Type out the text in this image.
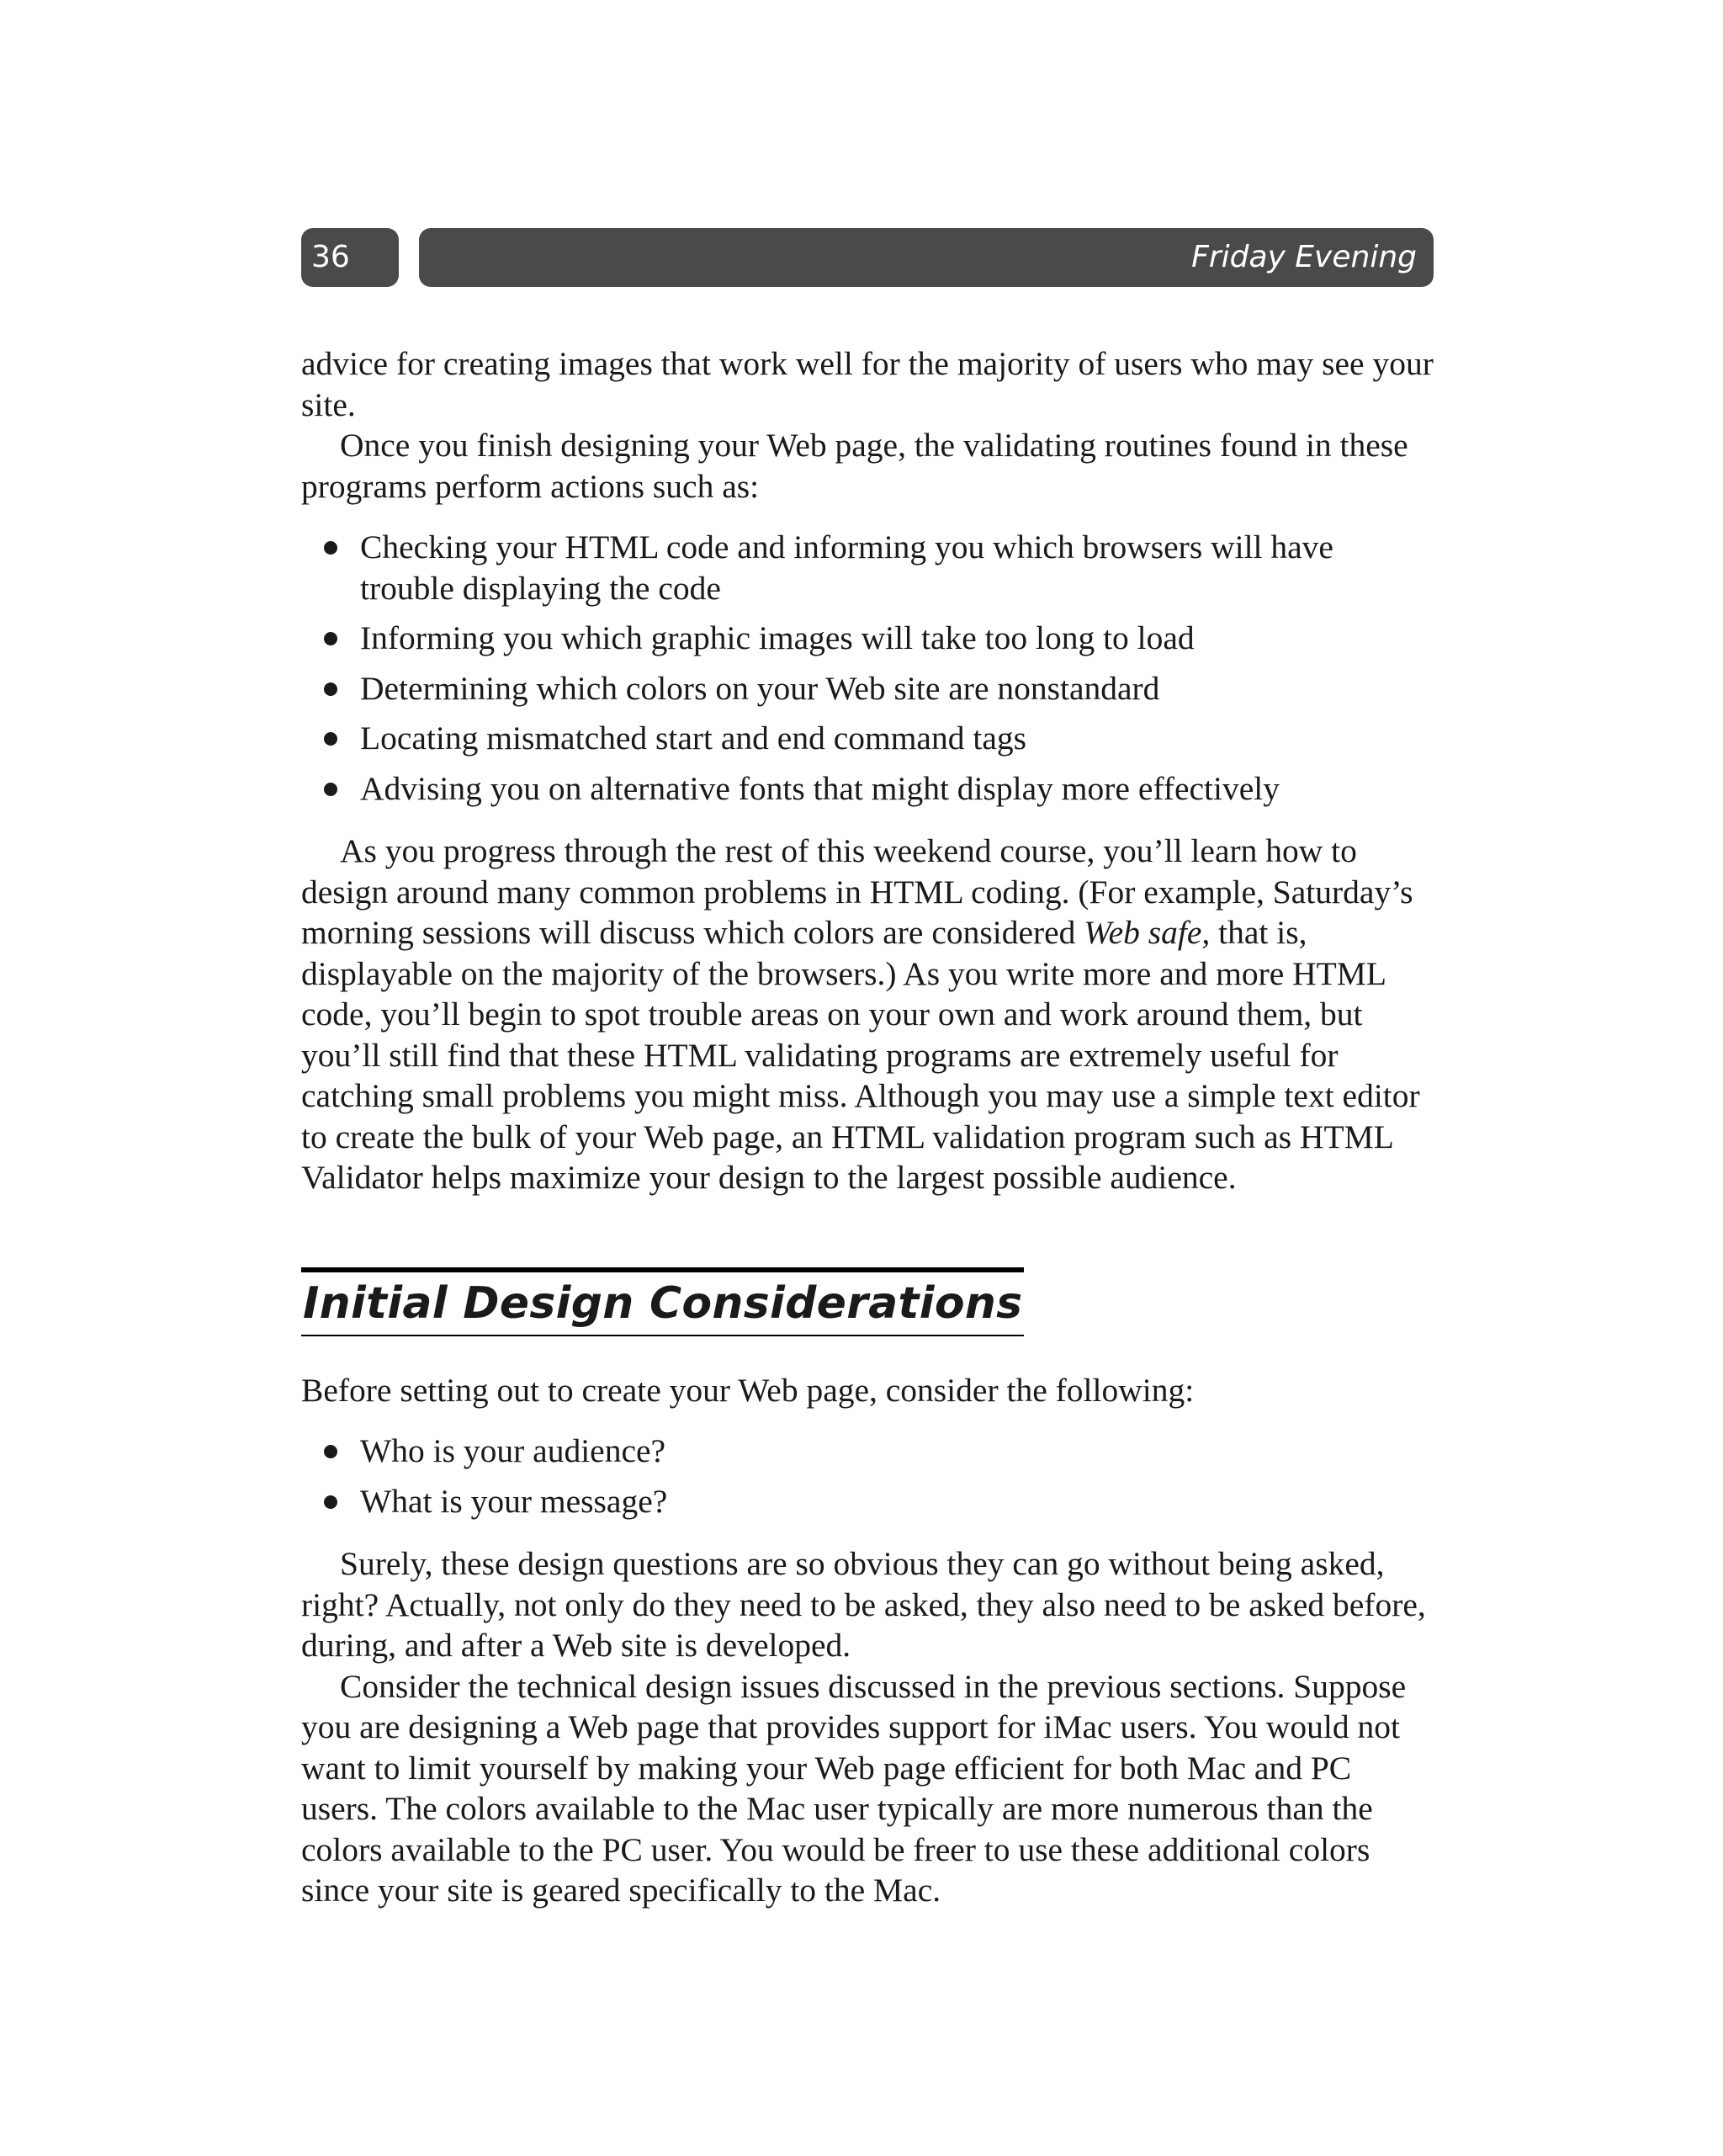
36	Friday Evening

advice for creating images that work well for the majority of users who may see your site.

Once you finish designing your Web page, the validating routines found in these programs perform actions such as:

Checking your HTML code and informing you which browsers will have trouble displaying the code
Informing you which graphic images will take too long to load
Determining which colors on your Web site are nonstandard
Locating mismatched start and end command tags
Advising you on alternative fonts that might display more effectively

As you progress through the rest of this weekend course, you’ll learn how to design around many common problems in HTML coding. (For example, Saturday’s morning sessions will discuss which colors are considered Web safe, that is, displayable on the majority of the browsers.) As you write more and more HTML code, you’ll begin to spot trouble areas on your own and work around them, but you’ll still find that these HTML validating programs are extremely useful for catching small problems you might miss. Although you may use a simple text editor to create the bulk of your Web page, an HTML validation program such as HTML Validator helps maximize your design to the largest possible audience.

Initial Design Considerations

Before setting out to create your Web page, consider the following:

Who is your audience?
What is your message?

Surely, these design questions are so obvious they can go without being asked, right? Actually, not only do they need to be asked, they also need to be asked before, during, and after a Web site is developed.

Consider the technical design issues discussed in the previous sections. Suppose you are designing a Web page that provides support for iMac users. You would not want to limit yourself by making your Web page efficient for both Mac and PC users. The colors available to the Mac user typically are more numerous than the colors available to the PC user. You would be freer to use these additional colors since your site is geared specifically to the Mac.
